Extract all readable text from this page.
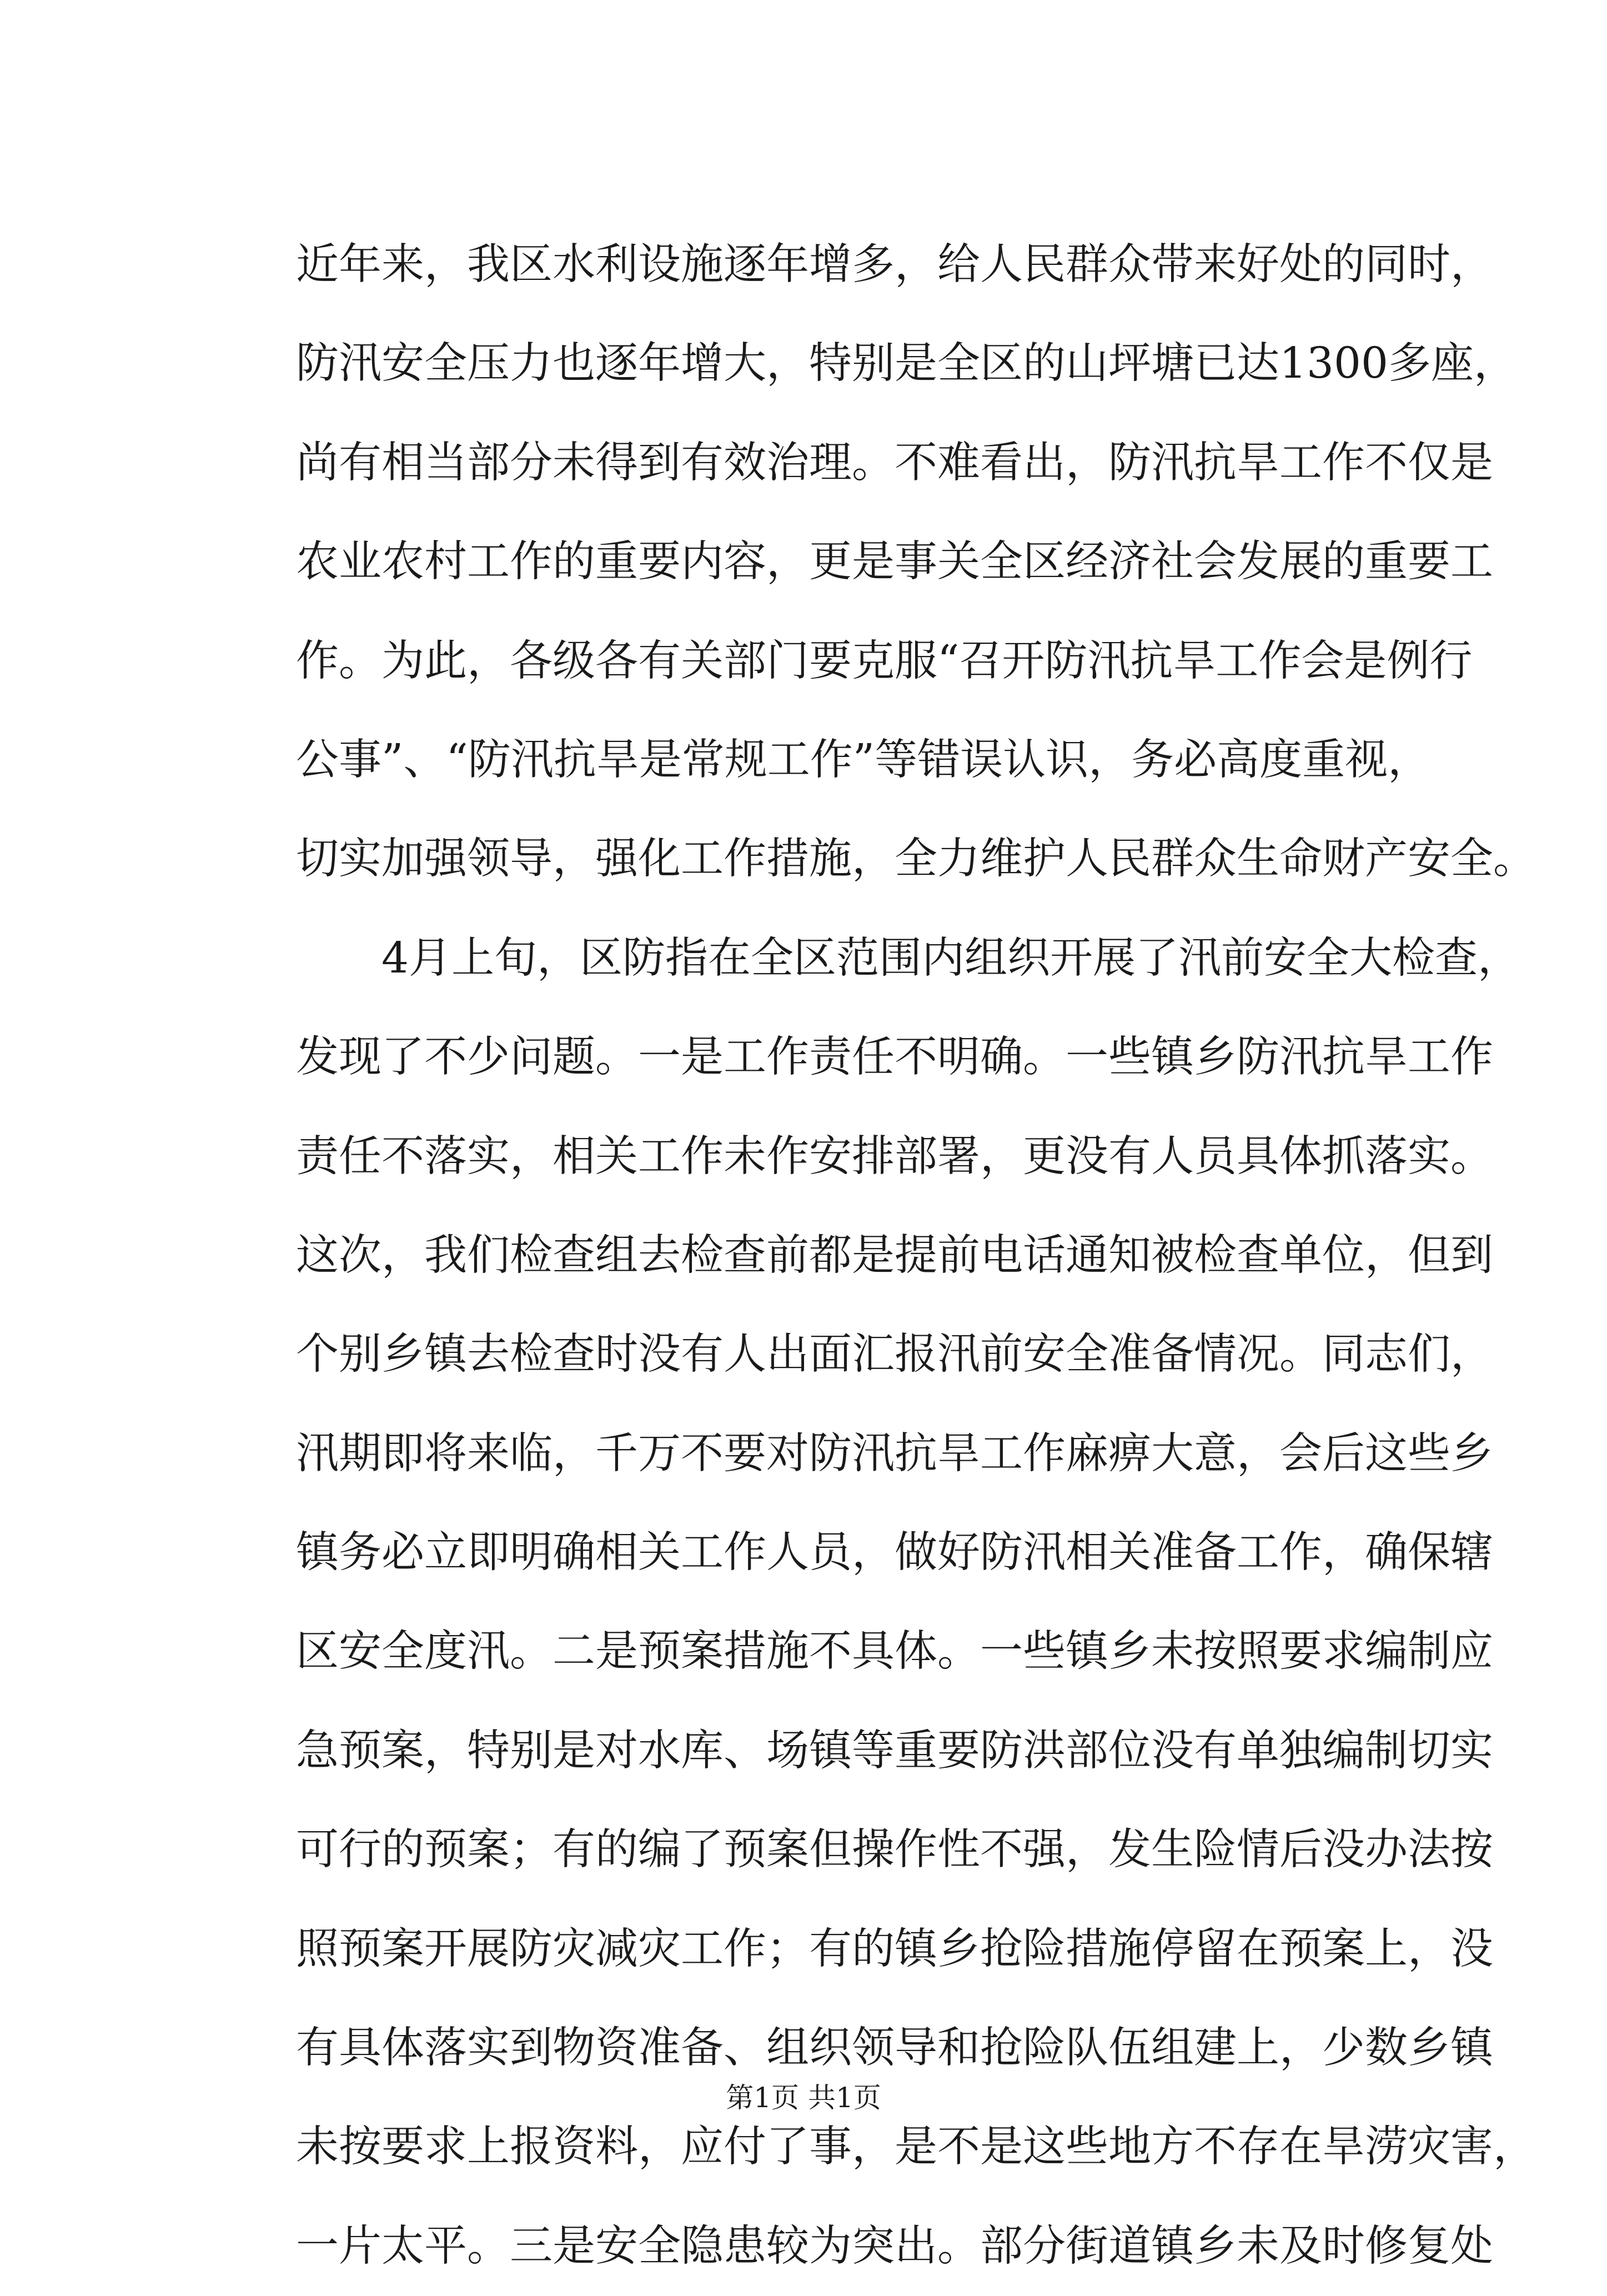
近年来，我区水利设施逐年增多，给人民群众带来好处的同时，
防汛安全压力也逐年增大，特别是全区的山坪塘已达1300多座，
尚有相当部分未得到有效治理。不难看出，防汛抗旱工作不仅是
农业农村工作的重要内容，更是事关全区经济社会发展的重要工
作。为此，各级各有关部门要克服“召开防汛抗旱工作会是例行
公事”、“防汛抗旱是常规工作”等错误认识，务必高度重视，
切实加强领导，强化工作措施，全力维护人民群众生命财产安全。
4月上旬，区防指在全区范围内组织开展了汛前安全大检查，
发现了不少问题。一是工作责任不明确。一些镇乡防汛抗旱工作
责任不落实，相关工作未作安排部署，更没有人员具体抓落实。
这次，我们检查组去检查前都是提前电话通知被检查单位，但到
个别乡镇去检查时没有人出面汇报汛前安全准备情况。同志们，
汛期即将来临，千万不要对防汛抗旱工作麻痹大意，会后这些乡
镇务必立即明确相关工作人员，做好防汛相关准备工作，确保辖
区安全度汛。二是预案措施不具体。一些镇乡未按照要求编制应
急预案，特别是对水库、场镇等重要防洪部位没有单独编制切实
可行的预案；有的编了预案但操作性不强，发生险情后没办法按
照预案开展防灾减灾工作；有的镇乡抢险措施停留在预案上，没
有具体落实到物资准备、组织领导和抢险队伍组建上，少数乡镇
未按要求上报资料，应付了事，是不是这些地方不存在旱涝灾害，
一片太平。三是安全隐患较为突出。部分街道镇乡未及时修复处
第1页 共1页
